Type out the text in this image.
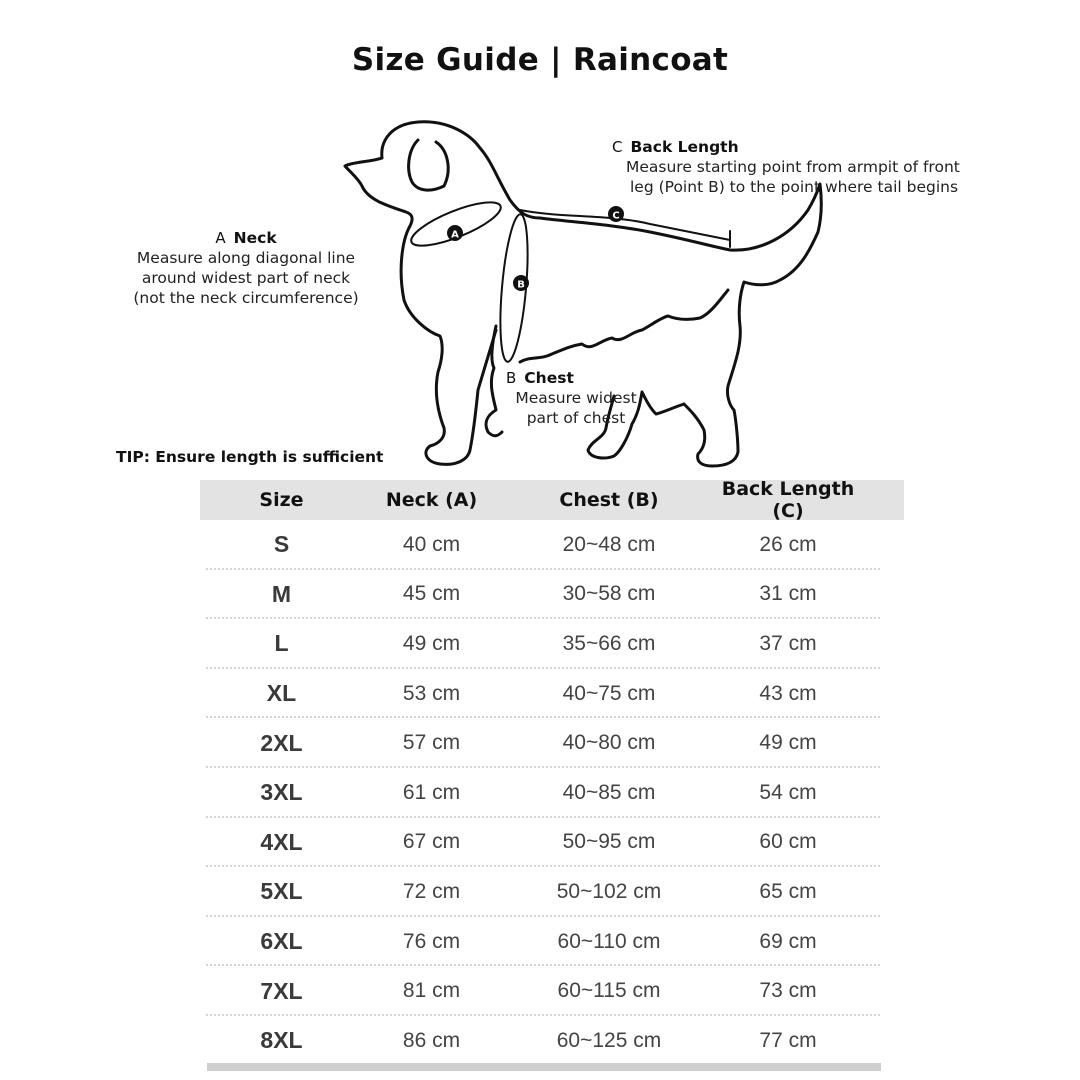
Size Guide | Raincoat
A
B
C
A Neck
Measure along diagonal line
around widest part of neck
(not the neck circumference)
C Back Length
Measure starting point from armpit of front
leg (Point B) to the point where tail begins
B Chest
Measure widest
part of chest
TIP: Ensure length is sufficient
Size	Neck (A)	Chest (B)	Back Length (C)
S	40 cm	20~48 cm	26 cm
M	45 cm	30~58 cm	31 cm
L	49 cm	35~66 cm	37 cm
XL	53 cm	40~75 cm	43 cm
2XL	57 cm	40~80 cm	49 cm
3XL	61 cm	40~85 cm	54 cm
4XL	67 cm	50~95 cm	60 cm
5XL	72 cm	50~102 cm	65 cm
6XL	76 cm	60~110 cm	69 cm
7XL	81 cm	60~115 cm	73 cm
8XL	86 cm	60~125 cm	77 cm
